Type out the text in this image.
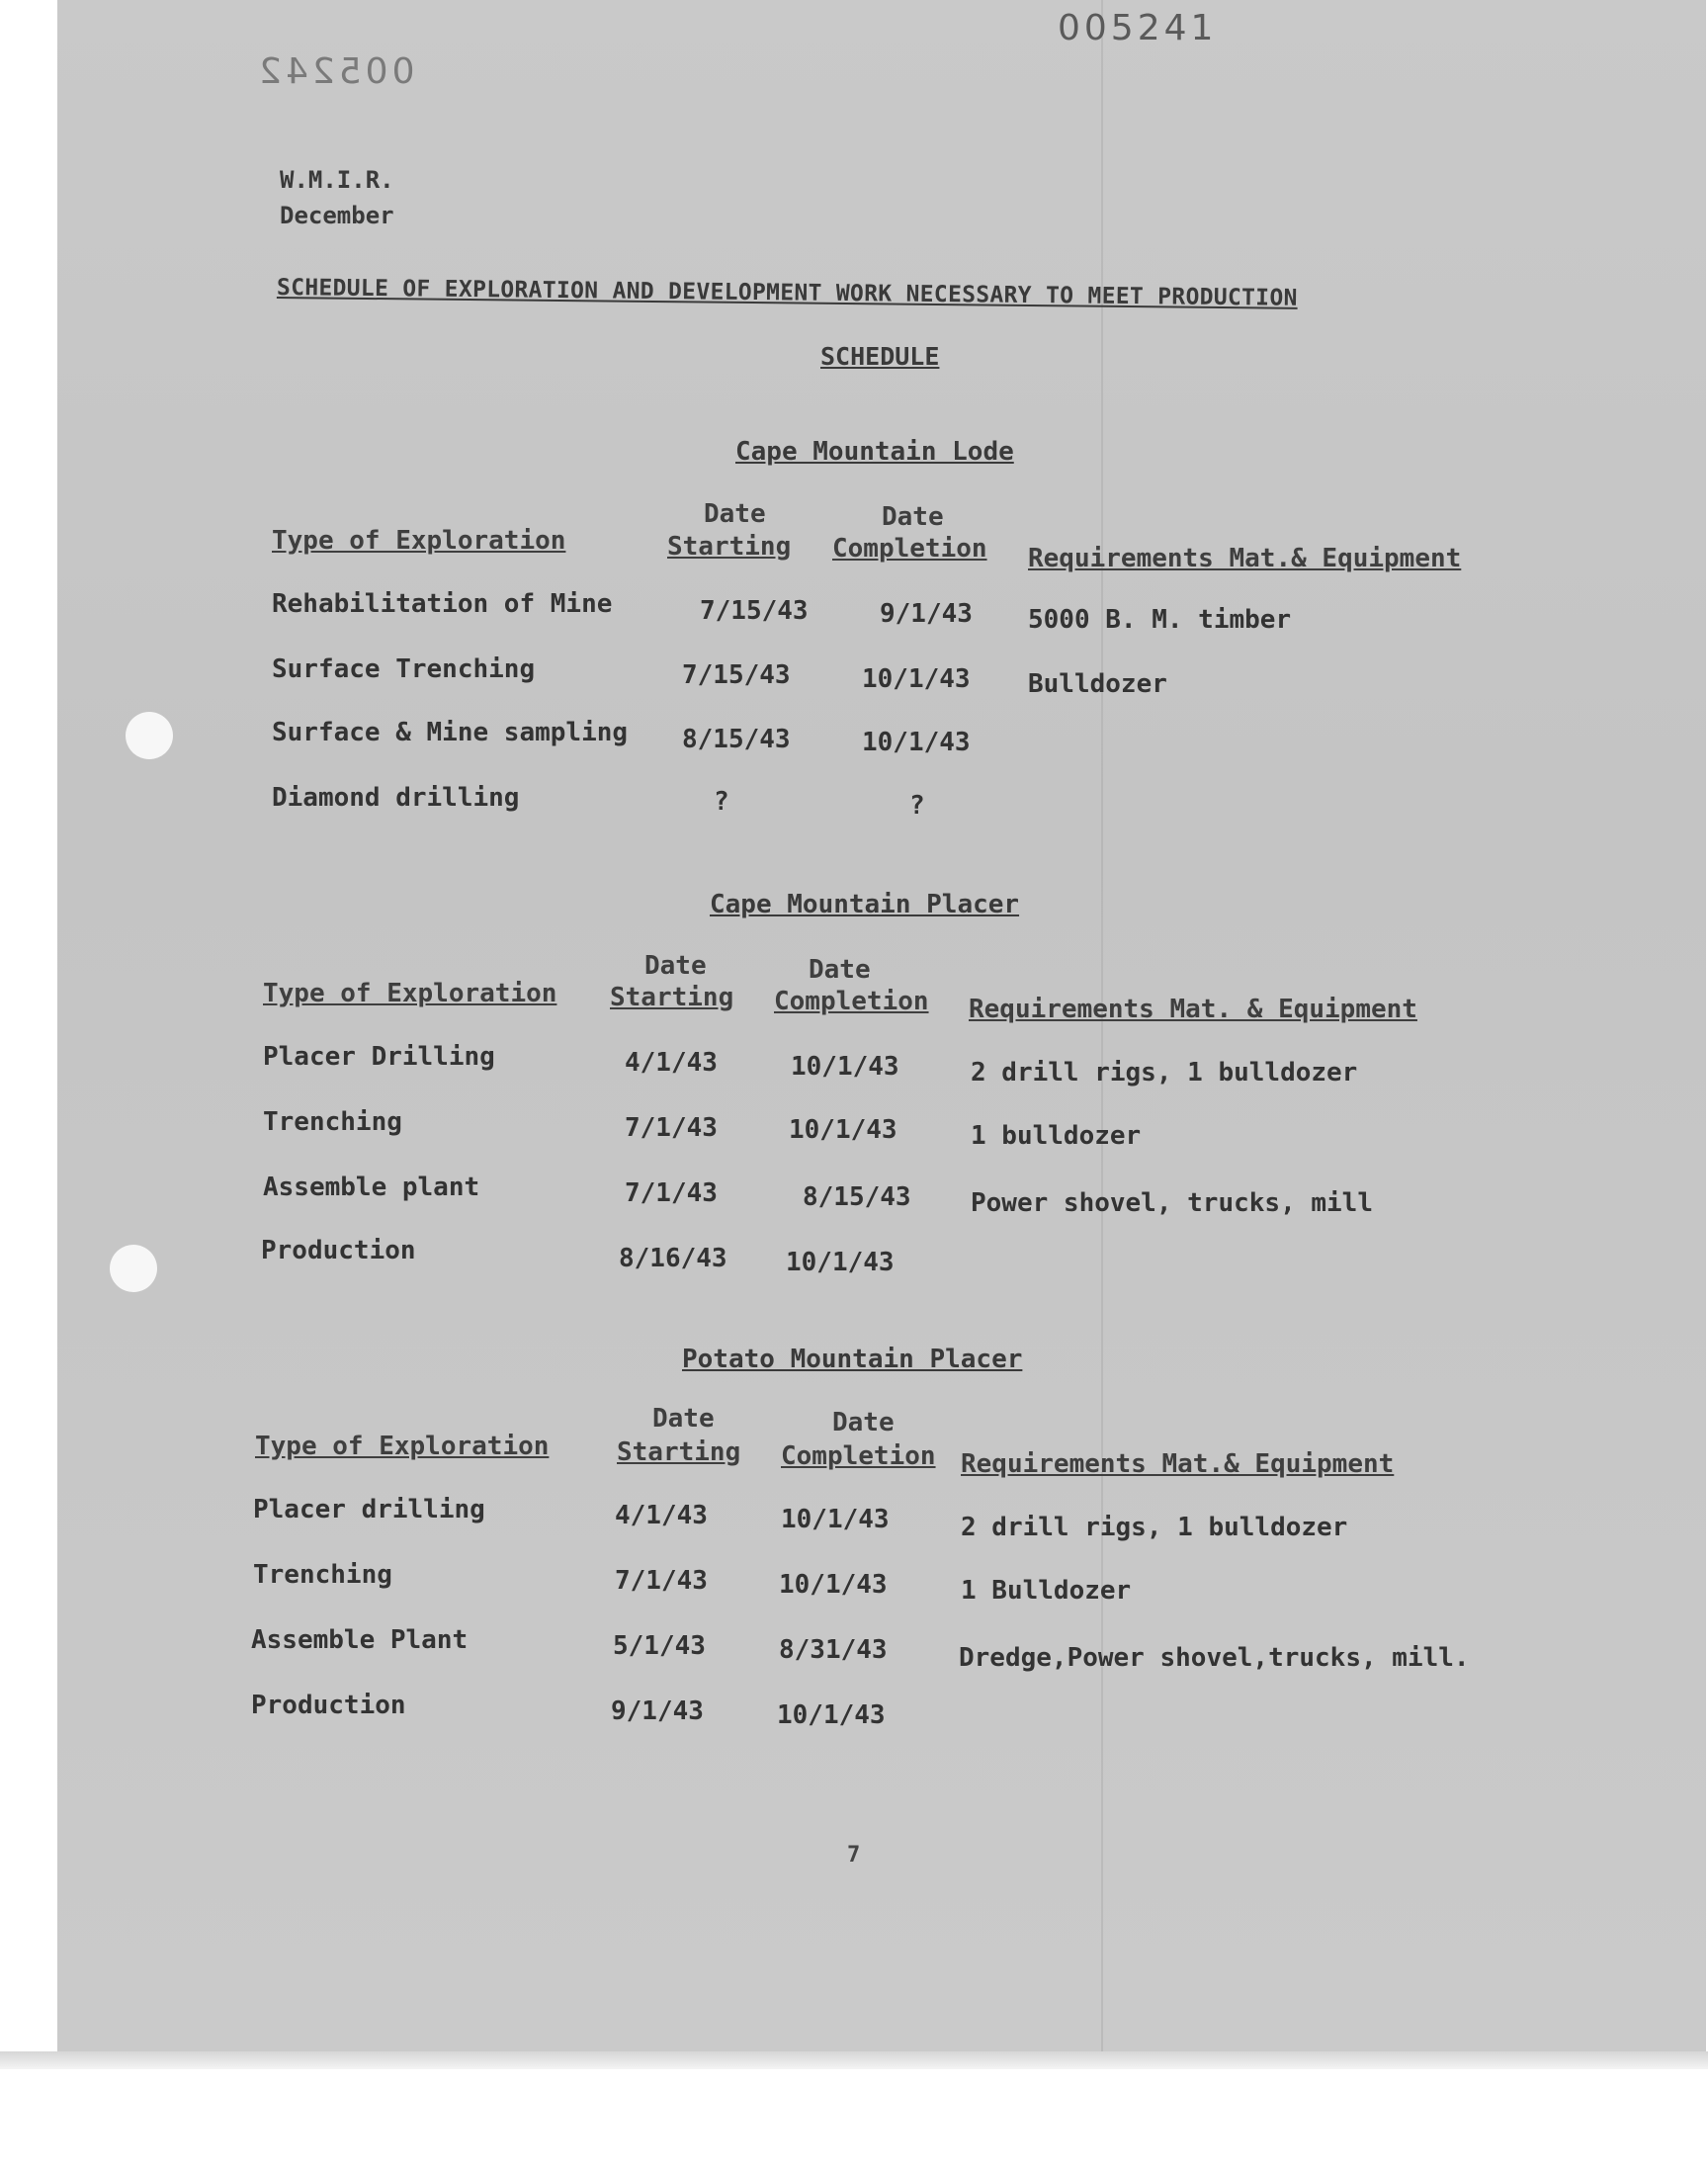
005241
005242
W.M.I.R.
December
SCHEDULE OF EXPLORATION AND DEVELOPMENT WORK NECESSARY TO MEET PRODUCTION
SCHEDULE
Cape Mountain Lode
Date	Date
Type of Exploration	Starting Completion Requirements Mat.& Equipment
Rehabilitation of Mine	7/15/43	9/1/43 5000 B. M. timber
Surface Trenching	7/15/43	10/1/43 Bulldozer
Surface & Mine sampling 8/15/43	10/1/43
Diamond drilling	?	?
Cape Mountain Placer
Date	Date
Type of Exploration Starting Completion Requirements Mat. & Equipment
Placer Drilling	4/1/43	10/1/43	2 drill rigs, 1 bulldozer
Trenching	7/1/43	10/1/43	1 bulldozer
Assemble plant	7/1/43	8/15/43 Power shovel, trucks, mill
Production	8/16/43 10/1/43
Potato Mountain Placer
Date	Date
Type of Exploration	Starting Completion Requirements Mat.& Equipment
Placer drilling	4/1/43	10/1/43	2 drill rigs, 1 bulldozer
Trenching	7/1/43	10/1/43	1 Bulldozer
Assemble Plant	5/1/43	8/31/43	Dredge,Power shovel,trucks, mill.
Production	9/1/43	10/1/43
7
